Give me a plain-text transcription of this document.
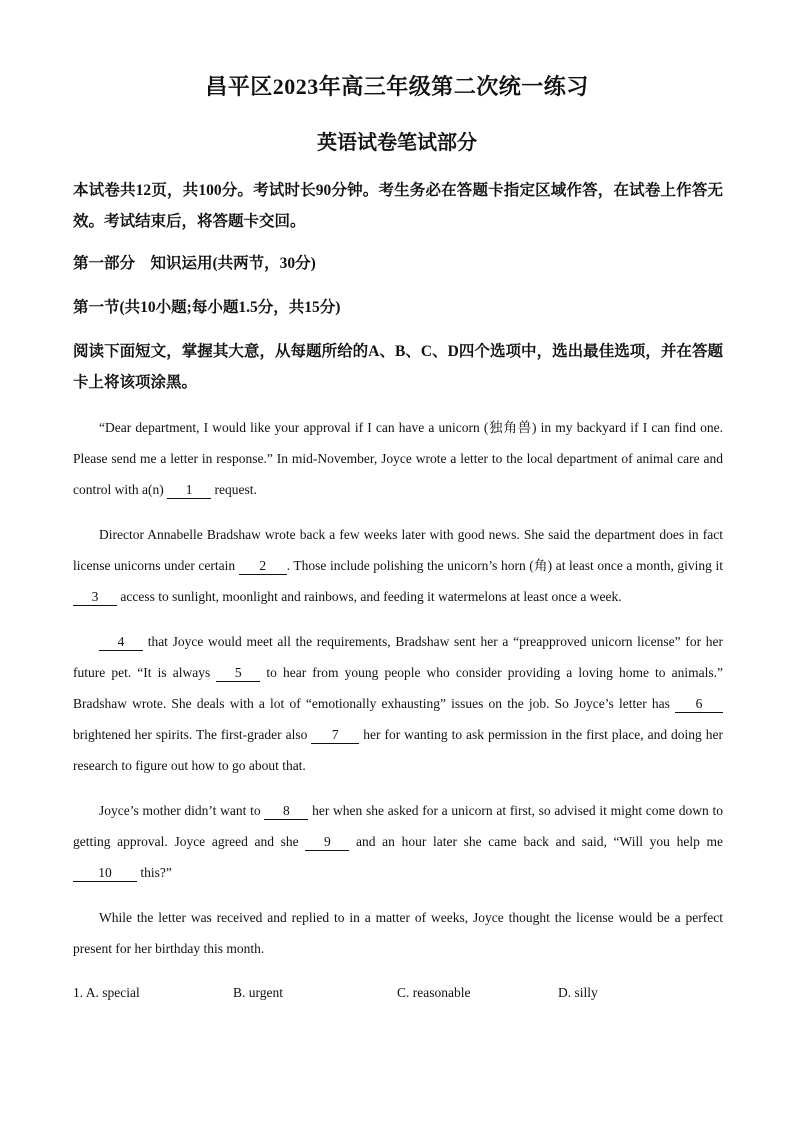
昌平区2023年高三年级第二次统一练习
英语试卷笔试部分
本试卷共12页，共100分。考试时长90分钟。考生务必在答题卡指定区域作答，在试卷上作答无效。考试结束后，将答题卡交回。
第一部分　知识运用(共两节，30分)
第一节(共10小题;每小题1.5分，共15分)
阅读下面短文，掌握其大意，从每题所给的A、B、C、D四个选项中，选出最佳选项，并在答题卡上将该项涂黑。
“Dear department, I would like your approval if I can have a unicorn (独角兽) in my backyard if I can find one. Please send me a letter in response.” In mid-November, Joyce wrote a letter to the local department of animal care and control with a(n) 1 request.
Director Annabelle Bradshaw wrote back a few weeks later with good news. She said the department does in fact license unicorns under certain 2 . Those include polishing the unicorn’s horn (角) at least once a month, giving it 3 access to sunlight, moonlight and rainbows, and feeding it watermelons at least once a week.
4 that Joyce would meet all the requirements, Bradshaw sent her a “preapproved unicorn license” for her future pet. “It is always 5 to hear from young people who consider providing a loving home to animals.” Bradshaw wrote. She deals with a lot of “emotionally exhausting” issues on the job. So Joyce’s letter has 6 brightened her spirits. The first-grader also 7 her for wanting to ask permission in the first place, and doing her research to figure out how to go about that.
Joyce’s mother didn’t want to 8 her when she asked for a unicorn at first, so advised it might come down to getting approval. Joyce agreed and she 9 and an hour later she came back and said, “Will you help me 10 this?”
While the letter was received and replied to in a matter of weeks, Joyce thought the license would be a perfect present for her birthday this month.
1. A. special	B. urgent	C. reasonable	D. silly
